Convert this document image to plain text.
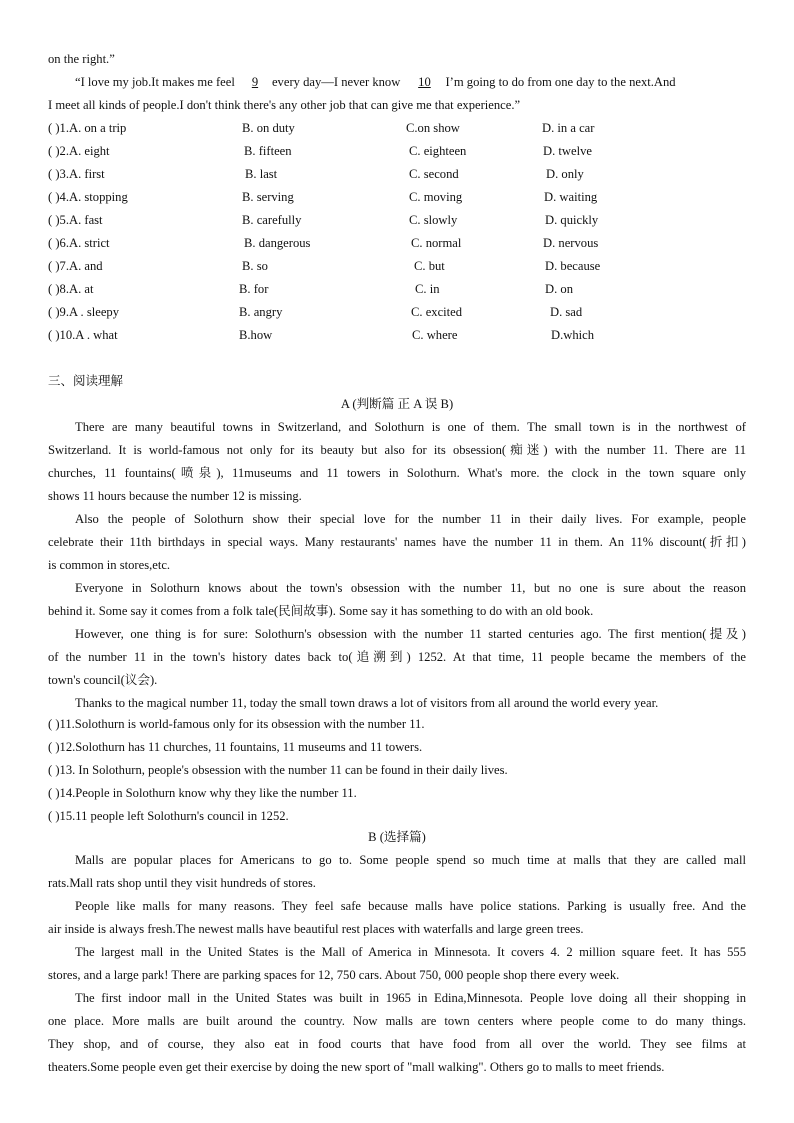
on the right.”
“I love my job.It makes me feel 9 every day—I never know 10 I’m going to do from one day to the next.And
I meet all kinds of people.I don't think there's any other job that can give me that experience.”
( )1.A. on a trip	B. on duty	C.on show	D. in a car
( )2.A. eight	B. fifteen	C. eighteen	D. twelve
( )3.A. first	B. last	C. second	D. only
( )4.A. stopping	B. serving	C. moving	D. waiting
( )5.A. fast	B. carefully	C. slowly	D. quickly
( )6.A. strict	B. dangerous	C. normal	D. nervous
( )7.A. and	B. so	C. but	D. because
( )8.A. at	B. for	C. in	D. on
( )9.A . sleepy	B. angry	C. excited	D. sad
( )10.A . what	B.how	C. where	D.which
三、阅读理解
A (判断篇 正 A 误 B)
There are many beautiful towns in Switzerland, and Solothurn is one of them. The small town is in the northwest of
Switzerland. It is world-famous not only for its beauty but also for its obsession(痴迷) with the number 11. There are 11
churches, 11 fountains(喷泉), 11museums and 11 towers in Solothurn. What's more. the clock in the town square only
shows 11 hours because the number 12 is missing.
Also the people of Solothurn show their special love for the number 11 in their daily lives. For example, people
celebrate their 11th birthdays in special ways. Many restaurants' names have the number 11 in them. An 11% discount(折扣)
is common in stores,etc.
Everyone in Solothurn knows about the town's obsession with the number 11, but no one is sure about the reason
behind it. Some say it comes from a folk tale(民间故事). Some say it has something to do with an old book.
However, one thing is for sure: Solothurn's obsession with the number 11 started centuries ago. The first mention(提及)
of the number 11 in the town's history dates back to(追溯到) 1252. At that time, 11 people became the members of the
town's council(议会).
Thanks to the magical number 11, today the small town draws a lot of visitors from all around the world every year.
( )11.Solothurn is world-famous only for its obsession with the number 11.
( )12.Solothurn has 11 churches, 11 fountains, 11 museums and 11 towers.
( )13. In Solothurn, people's obsession with the number 11 can be found in their daily lives.
( )14.People in Solothurn know why they like the number 11.
( )15.11 people left Solothurn's council in 1252.
B (选择篇)
Malls are popular places for Americans to go to. Some people spend so much time at malls that they are called mall
rats.Mall rats shop until they visit hundreds of stores.
People like malls for many reasons. They feel safe because malls have police stations. Parking is usually free. And the
air inside is always fresh.The newest malls have beautiful rest places with waterfalls and large green trees.
The largest mall in the United States is the Mall of America in Minnesota. It covers 4. 2 million square feet. It has 555
stores, and a large park! There are parking spaces for 12, 750 cars. About 750, 000 people shop there every week.
The first indoor mall in the United States was built in 1965 in Edina,Minnesota. People love doing all their shopping in
one place. More malls are built around the country. Now malls are town centers where people come to do many things.
They shop, and of course, they also eat in food courts that have food from all over the world. They see films at
theaters.Some people even get their exercise by doing the new sport of "mall walking". Others go to malls to meet friends.
